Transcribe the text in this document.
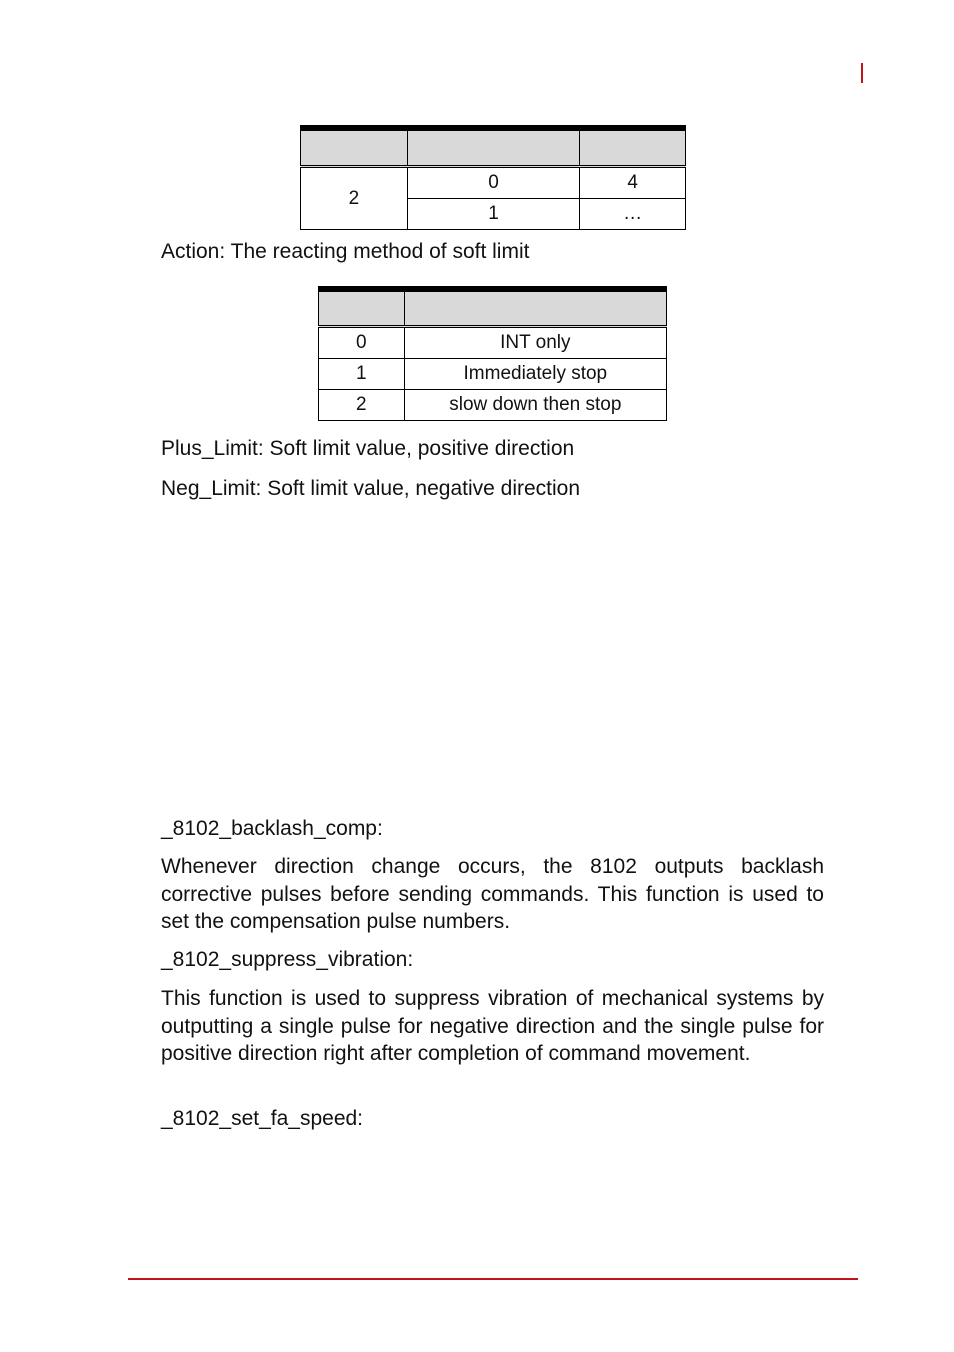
2	0	4
	1	…

Action: The reacting method of soft limit

0	INT only
1	Immediately stop
2	slow down then stop

Plus_Limit: Soft limit value, positive direction

Neg_Limit: Soft limit value, negative direction

_8102_backlash_comp:

Whenever direction change occurs, the 8102 outputs backlash corrective pulses before sending commands. This function is used to set the compensation pulse numbers.

_8102_suppress_vibration:

This function is used to suppress vibration of mechanical systems by outputting a single pulse for negative direction and the single pulse for positive direction right after completion of command movement.

_8102_set_fa_speed:
